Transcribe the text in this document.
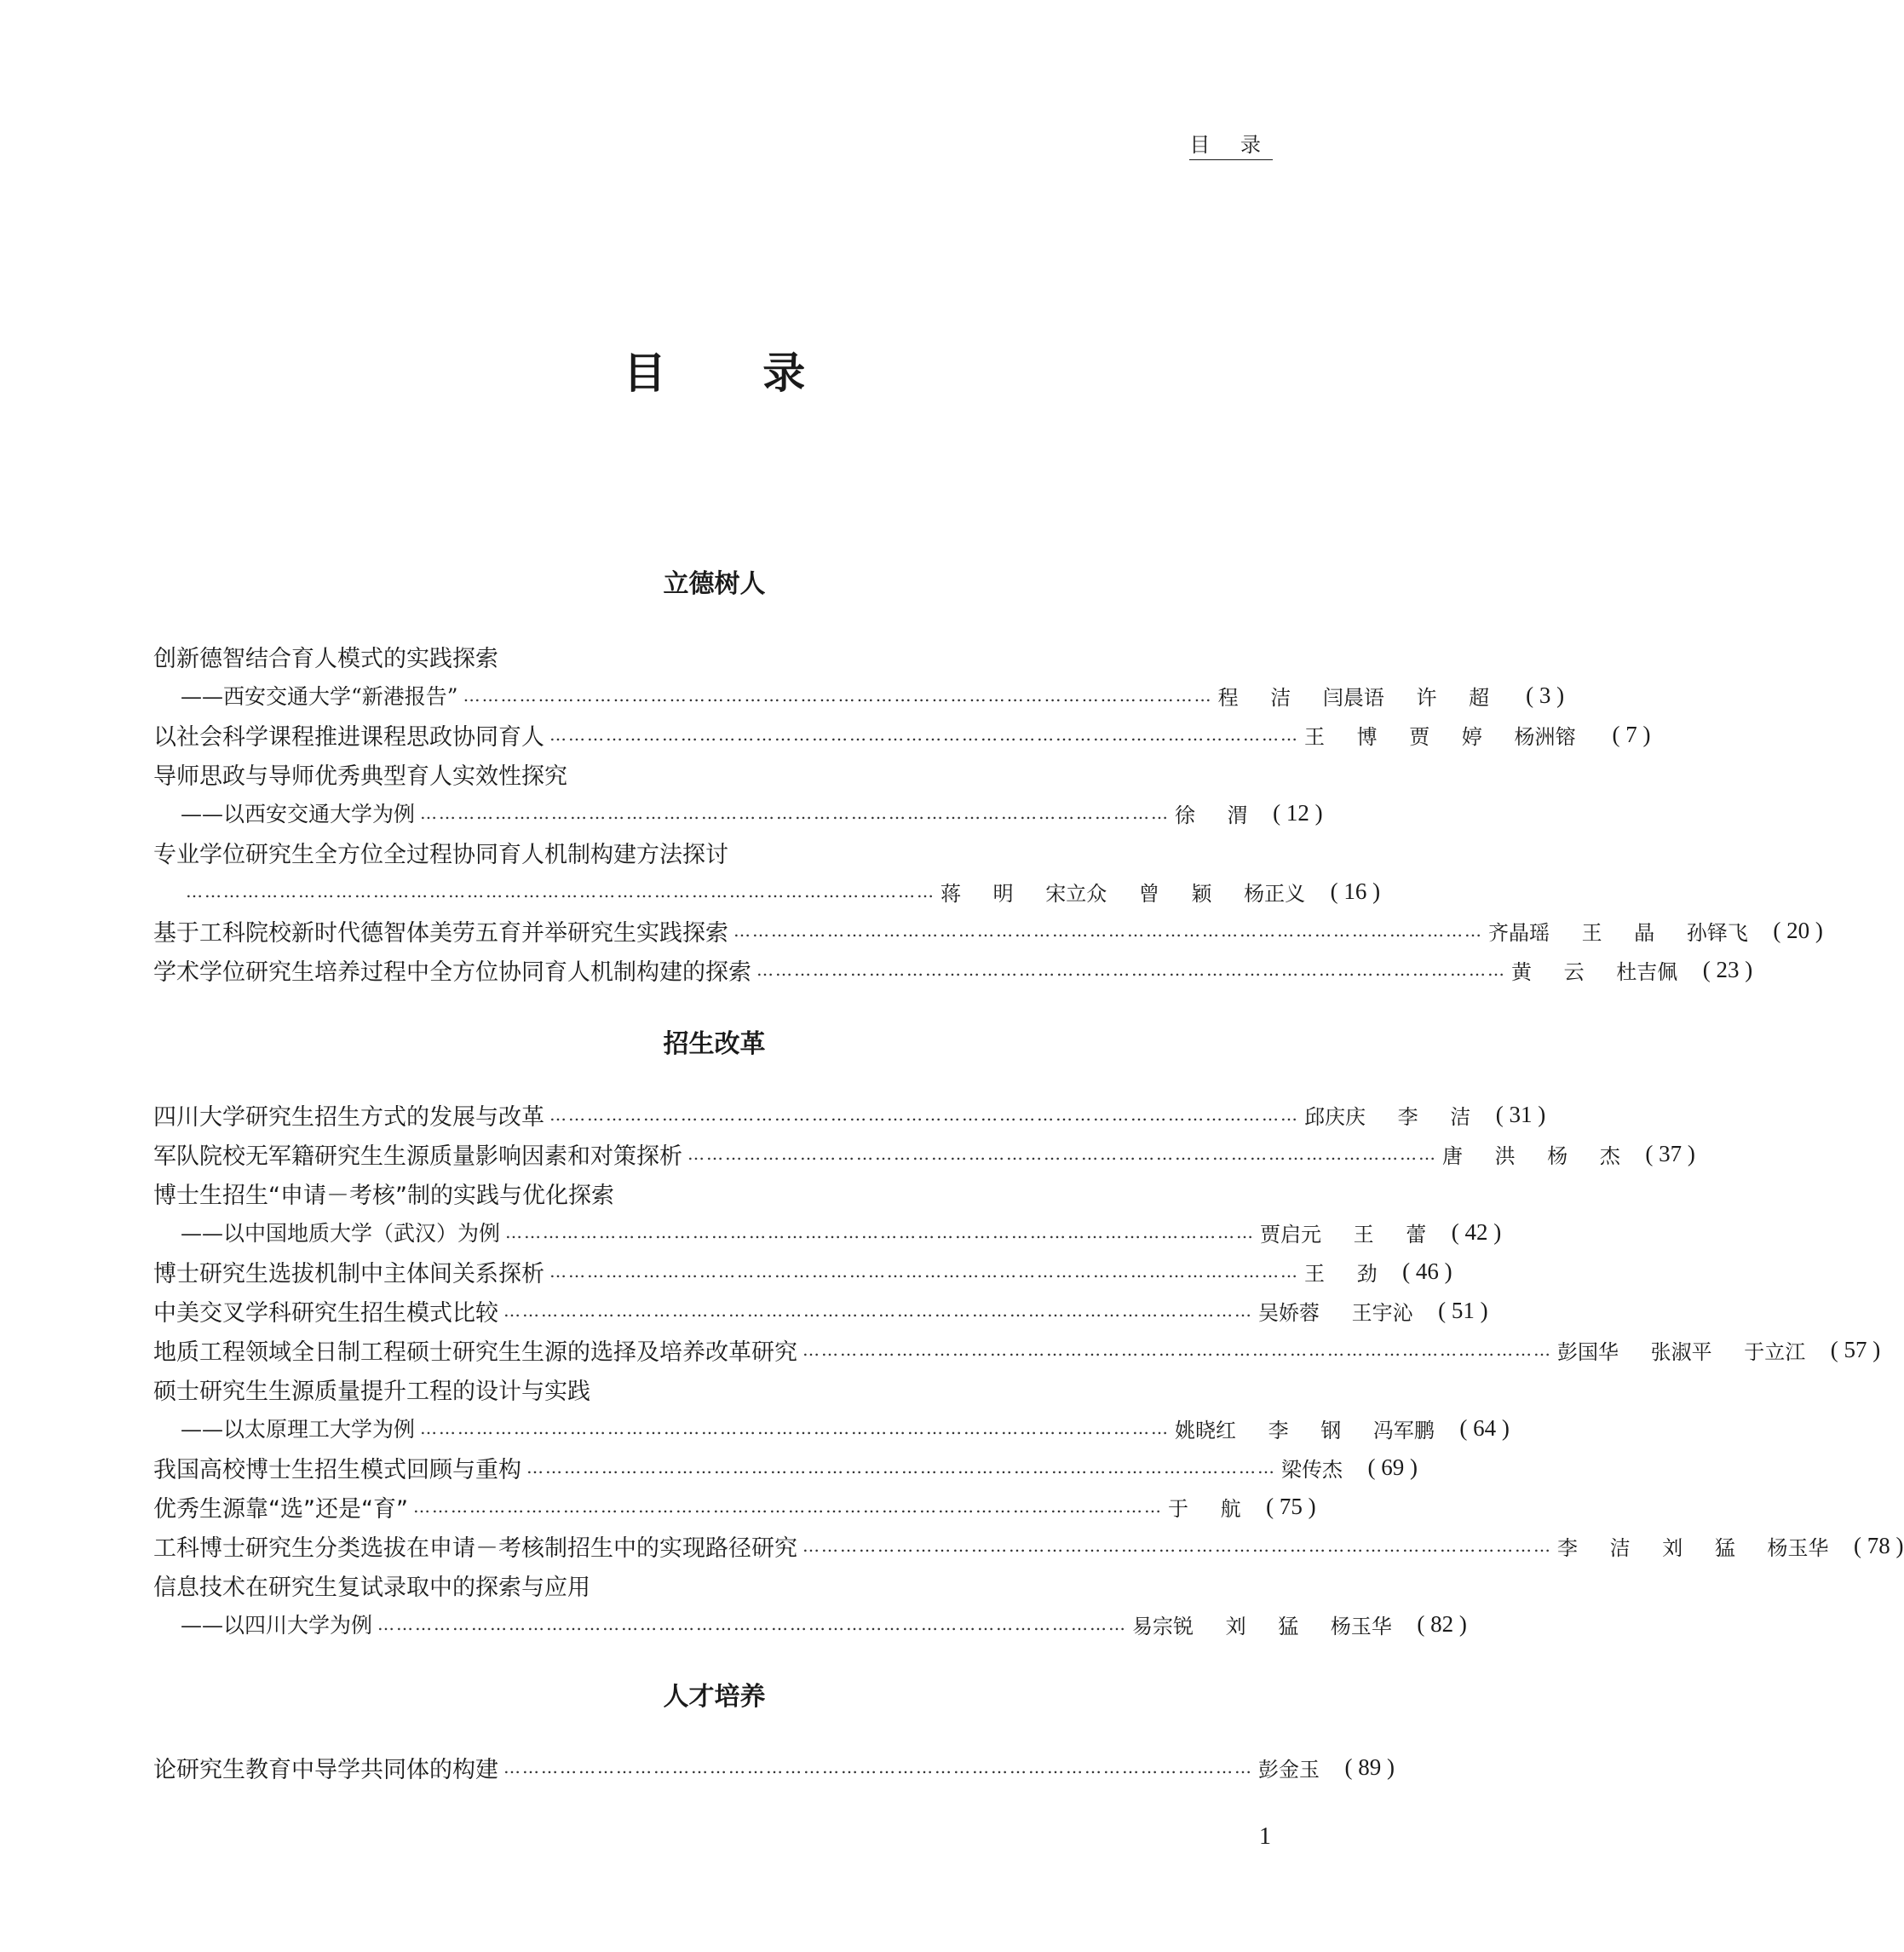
目 录
目 录
立德树人
创新德智结合育人模式的实践探索
——西安交通大学“新港报告” ………………………………………………………………………………………………………… 程 洁 闫晨语 许 超	( 3 )
以社会科学课程推进课程思政协同育人 ………………………………………………………………………………………………………… 王 博 贾 婷 杨洲镕	( 7 )
导师思政与导师优秀典型育人实效性探究
——以西安交通大学为例 ………………………………………………………………………………………………………… 徐 渭	( 12 )
专业学位研究生全方位全过程协同育人机制构建方法探讨
………………………………………………………………………………………………………… 蒋 明 宋立众 曾 颖 杨正义	( 16 )
基于工科院校新时代德智体美劳五育并举研究生实践探索 ………………………………………………………………………………………………………… 齐晶瑶 王 晶 孙铎飞	( 20 )
学术学位研究生培养过程中全方位协同育人机制构建的探索 ………………………………………………………………………………………………………… 黄 云 杜吉佩	( 23 )
招生改革
四川大学研究生招生方式的发展与改革 ………………………………………………………………………………………………………… 邱庆庆 李 洁	( 31 )
军队院校无军籍研究生生源质量影响因素和对策探析 ………………………………………………………………………………………………………… 唐 洪 杨 杰	( 37 )
博士生招生“申请－考核”制的实践与优化探索
——以中国地质大学（武汉）为例 ………………………………………………………………………………………………………… 贾启元 王 蕾	( 42 )
博士研究生选拔机制中主体间关系探析 ………………………………………………………………………………………………………… 王 劲	( 46 )
中美交叉学科研究生招生模式比较 ………………………………………………………………………………………………………… 吴娇蓉 王宇沁	( 51 )
地质工程领域全日制工程硕士研究生生源的选择及培养改革研究 ………………………………………………………………………………………………………… 彭国华 张淑平 于立江	( 57 )
硕士研究生生源质量提升工程的设计与实践
——以太原理工大学为例 ………………………………………………………………………………………………………… 姚晓红 李 钢 冯军鹏	( 64 )
我国高校博士生招生模式回顾与重构 ………………………………………………………………………………………………………… 梁传杰	( 69 )
优秀生源靠“选”还是“育” ………………………………………………………………………………………………………… 于 航	( 75 )
工科博士研究生分类选拔在申请－考核制招生中的实现路径研究 ………………………………………………………………………………………………………… 李 洁 刘 猛 杨玉华	( 78 )
信息技术在研究生复试录取中的探索与应用
——以四川大学为例 ………………………………………………………………………………………………………… 易宗锐 刘 猛 杨玉华	( 82 )
人才培养
论研究生教育中导学共同体的构建 ………………………………………………………………………………………………………… 彭金玉	( 89 )
1
